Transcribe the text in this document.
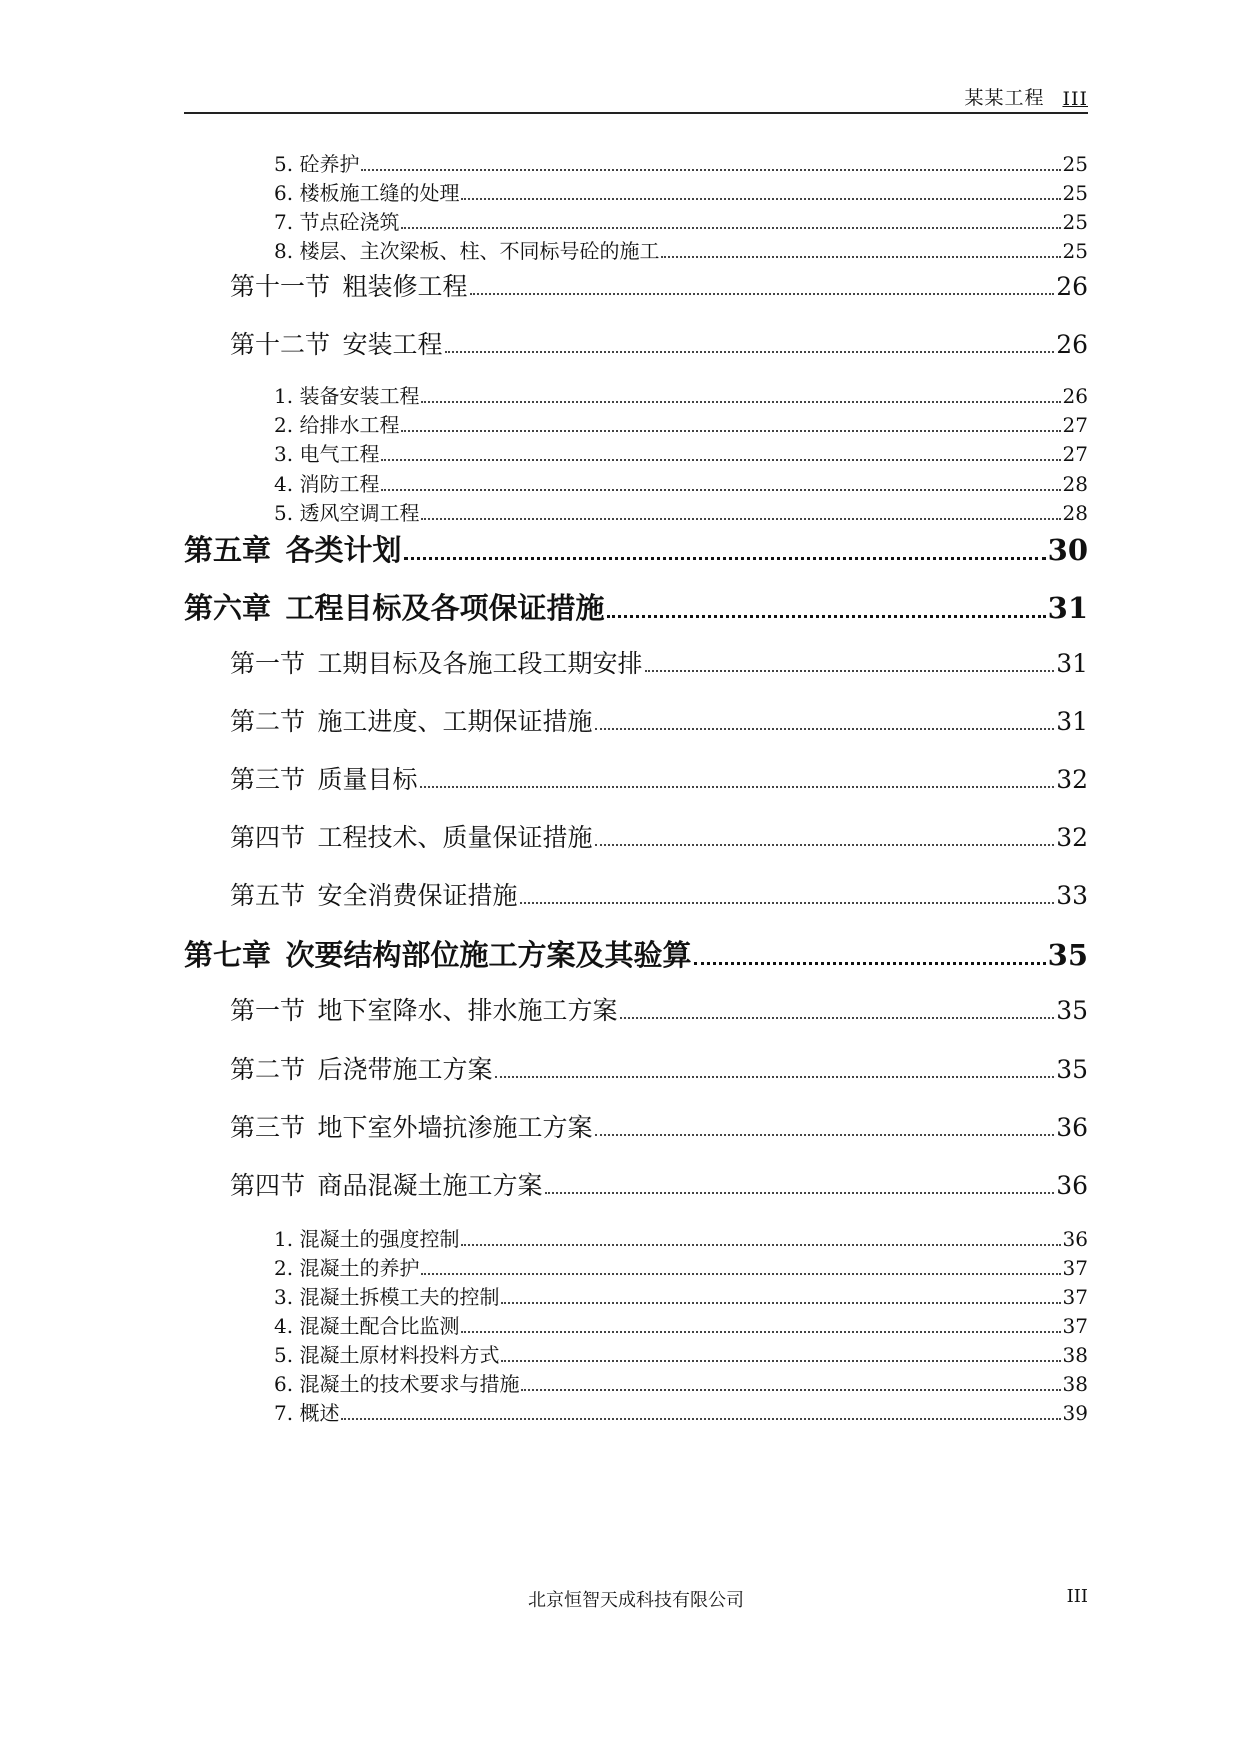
某某工程 III
5. 砼养护	25
6. 楼板施工缝的处理	25
7. 节点砼浇筑	25
8. 楼层、主次梁板、柱、不同标号砼的施工	25
第十一节  粗装修工程	26
第十二节  安装工程	26
1. 装备安装工程	26
2. 给排水工程	27
3. 电气工程	27
4. 消防工程	28
5. 透风空调工程	28
第五章  各类计划	30
第六章  工程目标及各项保证措施	31
第一节  工期目标及各施工段工期安排	31
第二节  施工进度、工期保证措施	31
第三节  质量目标	32
第四节  工程技术、质量保证措施	32
第五节  安全消费保证措施	33
第七章  次要结构部位施工方案及其验算	35
第一节  地下室降水、排水施工方案	35
第二节  后浇带施工方案	35
第三节  地下室外墙抗渗施工方案	36
第四节  商品混凝土施工方案	36
1. 混凝土的强度控制	36
2. 混凝土的养护	37
3. 混凝土拆模工夫的控制	37
4. 混凝土配合比监测	37
5. 混凝土原材料投料方式	38
6. 混凝土的技术要求与措施	38
7. 概述	39
北京恒智天成科技有限公司	III
